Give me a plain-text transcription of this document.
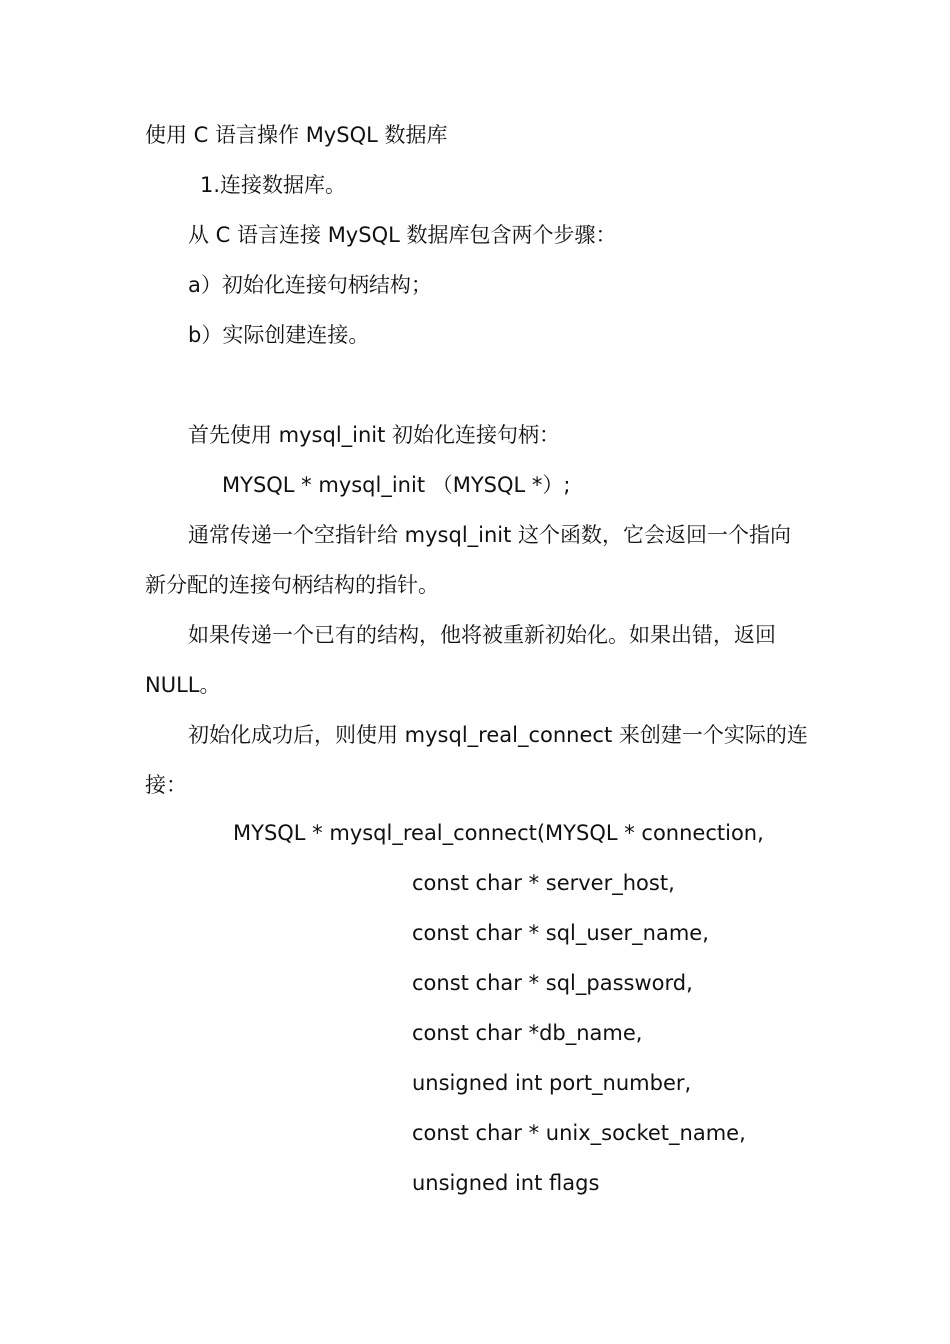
使用 C 语言操作 MySQL 数据库
1.连接数据库。
从 C 语言连接 MySQL 数据库包含两个步骤：
a）初始化连接句柄结构；
b）实际创建连接。
首先使用 mysql_init 初始化连接句柄：
MYSQL * mysql_init （MYSQL *）;
通常传递一个空指针给 mysql_init 这个函数，它会返回一个指向
新分配的连接句柄结构的指针。
如果传递一个已有的结构，他将被重新初始化。如果出错，返回
NULL。
初始化成功后，则使用 mysql_real_connect 来创建一个实际的连
接：
MYSQL * mysql_real_connect(MYSQL * connection,
const char * server_host,
const char * sql_user_name,
const char * sql_password,
const char *db_name,
unsigned int port_number,
const char * unix_socket_name,
unsigned int flags
